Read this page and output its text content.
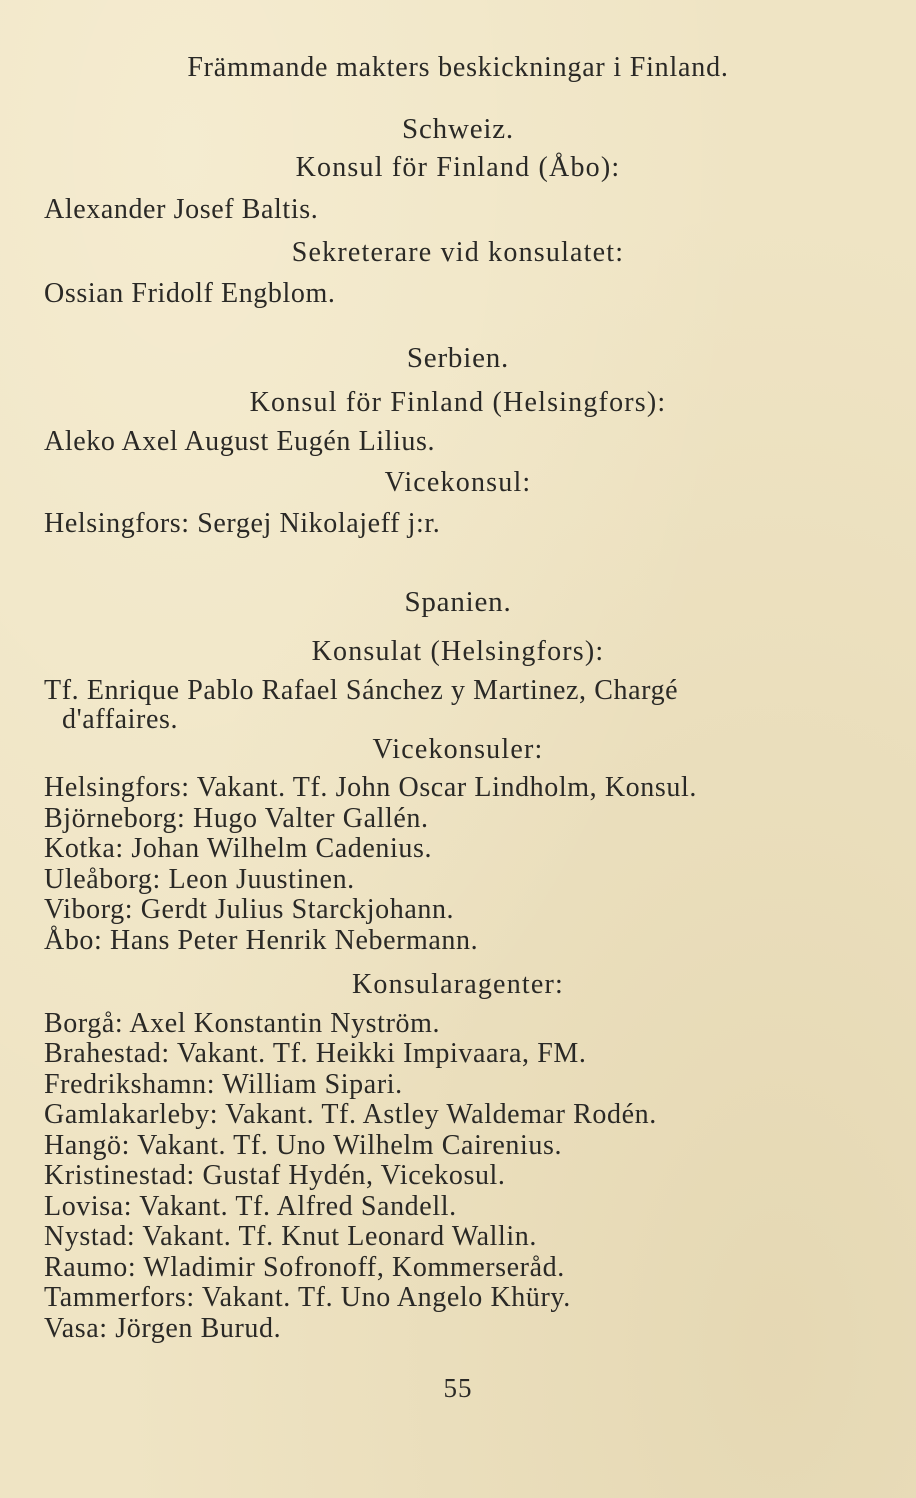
Främmande makters beskickningar i Finland.
Schweiz.
Konsul för Finland (Åbo):
Alexander Josef Baltis.
Sekreterare vid konsulatet:
Ossian Fridolf Engblom.
Serbien.
Konsul för Finland (Helsingfors):
Aleko Axel August Eugén Lilius.
Vicekonsul:
Helsingfors: Sergej Nikolajeff j:r.
Spanien.
Konsulat (Helsingfors):
Tf. Enrique Pablo Rafael Sánchez y Martinez, Chargé
d'affaires.
Vicekonsuler:
Helsingfors: Vakant. Tf. John Oscar Lindholm, Konsul.
Björneborg: Hugo Valter Gallén.
Kotka: Johan Wilhelm Cadenius.
Uleåborg: Leon Juustinen.
Viborg: Gerdt Julius Starckjohann.
Åbo: Hans Peter Henrik Nebermann.
Konsularagenter:
Borgå: Axel Konstantin Nyström.
Brahestad: Vakant. Tf. Heikki Impivaara, FM.
Fredrikshamn: William Sipari.
Gamlakarleby: Vakant. Tf. Astley Waldemar Rodén.
Hangö: Vakant. Tf. Uno Wilhelm Cairenius.
Kristinestad: Gustaf Hydén, Vicekosul.
Lovisa: Vakant. Tf. Alfred Sandell.
Nystad: Vakant. Tf. Knut Leonard Wallin.
Raumo: Wladimir Sofronoff, Kommerseråd.
Tammerfors: Vakant. Tf. Uno Angelo Khüry.
Vasa: Jörgen Burud.
55
